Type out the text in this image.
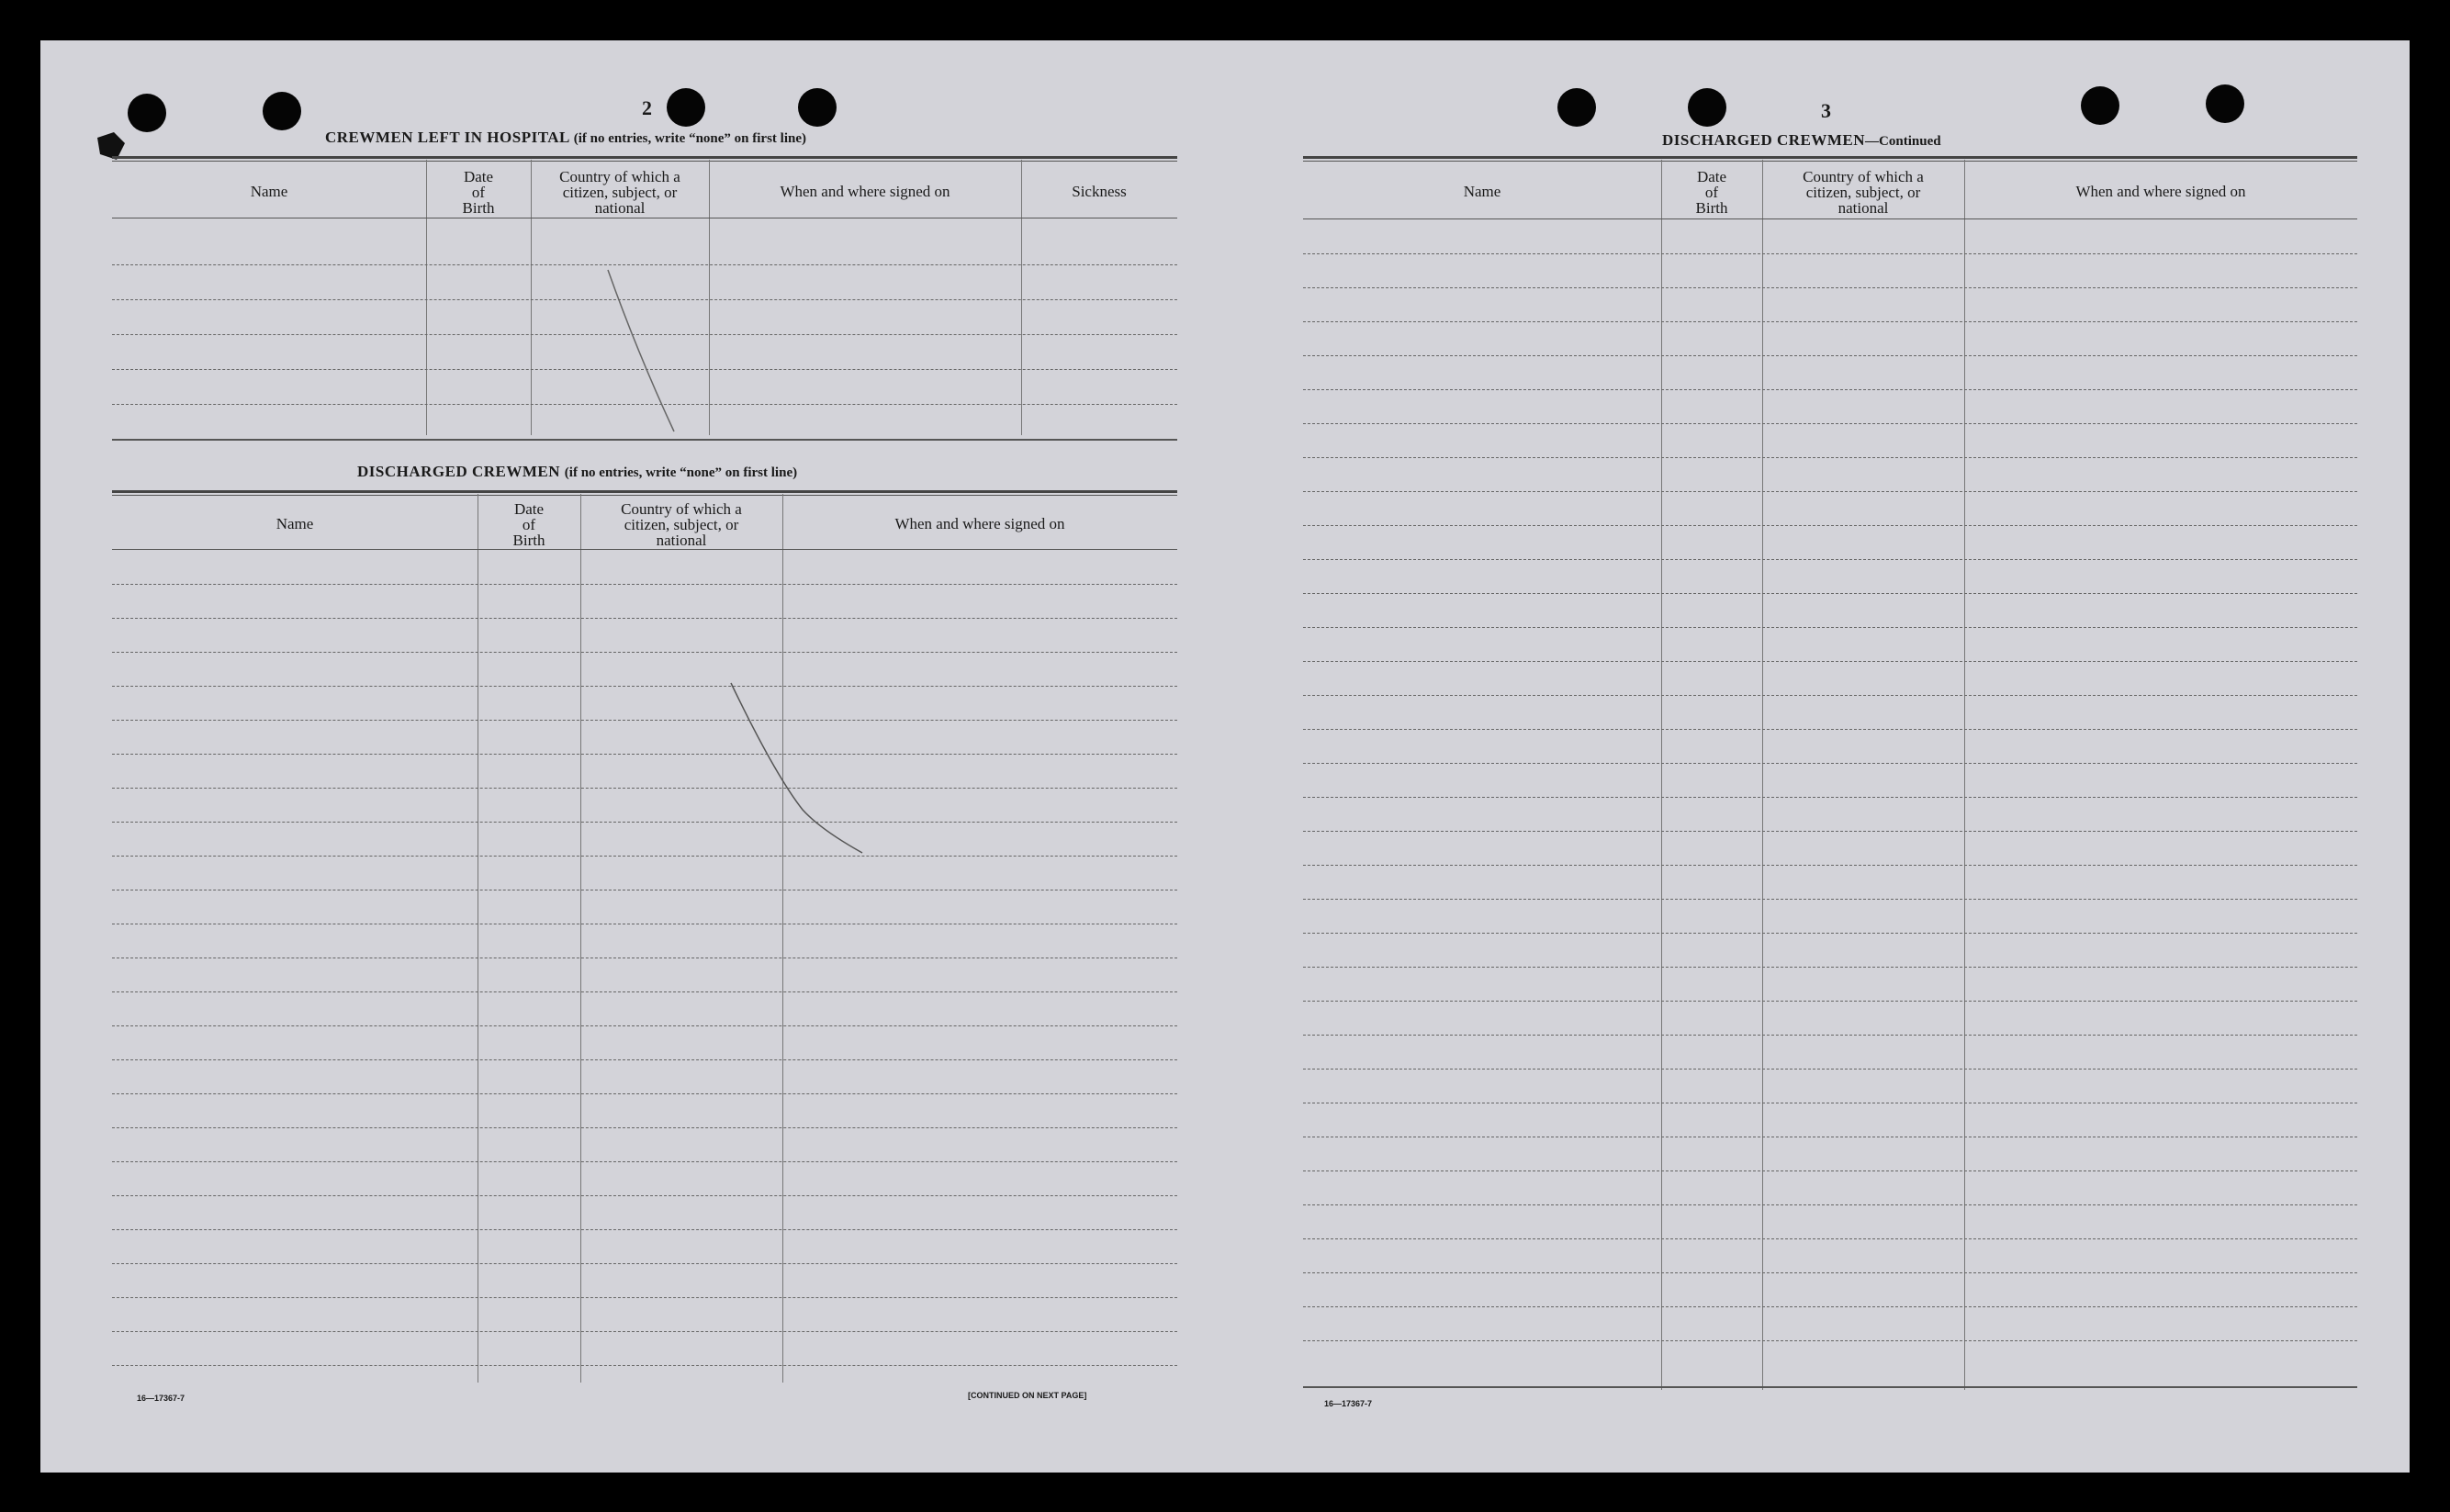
2
CREWMEN LEFT IN HOSPITAL (if no entries, write “none” on first line)
Name
Date
of
Birth
Country of which a
citizen, subject, or
national
When and where signed on	Sickness
DISCHARGED CREWMEN (if no entries, write “none” on first line)
Name
Date
of
Birth
Country of which a
citizen, subject, or
national
When and where signed on
16—17367-7	[CONTINUED ON NEXT PAGE]
3
DISCHARGED CREWMEN—Continued
Name
Date
of
Birth
Country of which a
citizen, subject, or
national
When and where signed on
16—17367-7
